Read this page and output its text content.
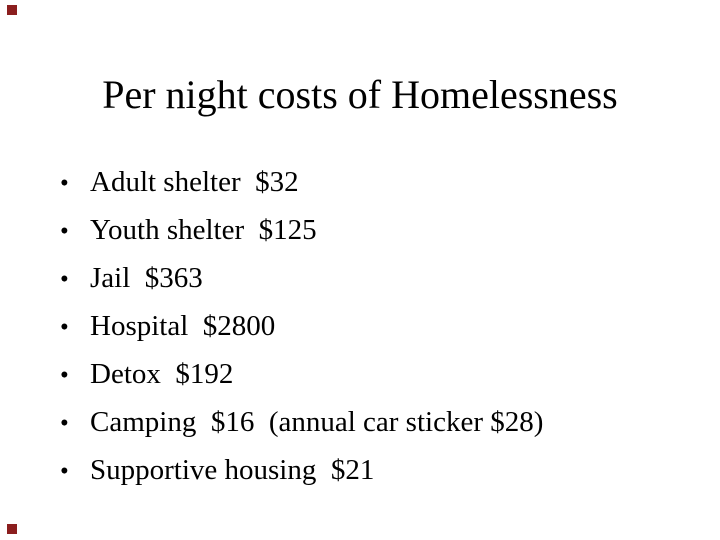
Per night costs of Homelessness
• Adult shelter  $32
• Youth shelter  $125
• Jail  $363
• Hospital  $2800
• Detox  $192
• Camping  $16  (annual car sticker $28)
• Supportive housing  $21
